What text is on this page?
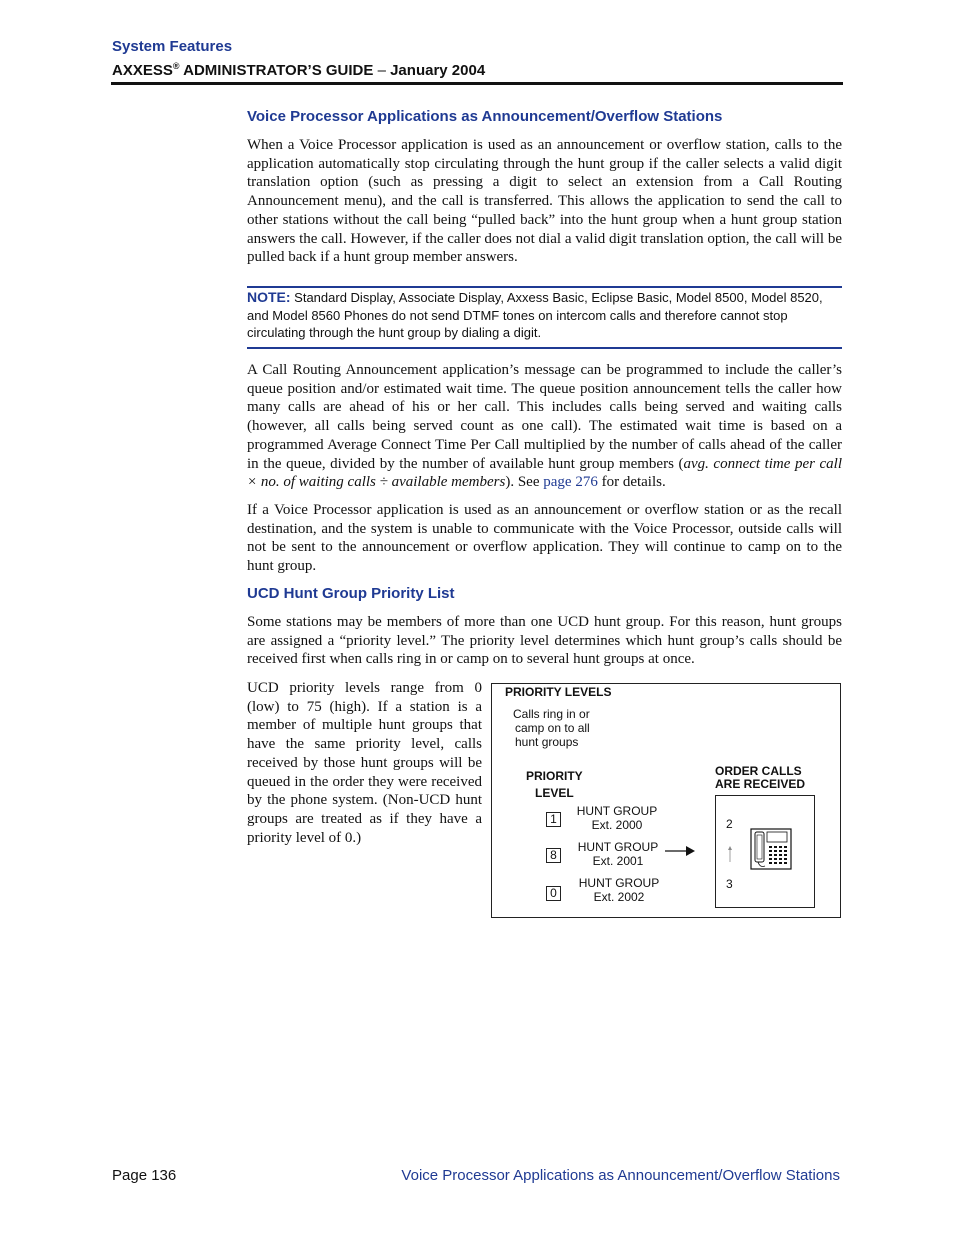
System Features
AXXESS® ADMINISTRATOR’S GUIDE – January 2004
Voice Processor Applications as Announcement/Overflow Stations
When a Voice Processor application is used as an announcement or overflow station, calls to the application automatically stop circulating through the hunt group if the caller selects a valid digit translation option (such as pressing a digit to select an extension from a Call Routing Announcement menu), and the call is transferred. This allows the application to send the call to other stations without the call being “pulled back” into the hunt group when a hunt group station answers the call. However, if the caller does not dial a valid digit translation option, the call will be pulled back if a hunt group member answers.
NOTE: Standard Display, Associate Display, Axxess Basic, Eclipse Basic, Model 8500, Model 8520, and Model 8560 Phones do not send DTMF tones on intercom calls and therefore cannot stop circulating through the hunt group by dialing a digit.
A Call Routing Announcement application’s message can be programmed to include the caller’s queue position and/or estimated wait time. The queue position announcement tells the caller how many calls are ahead of his or her call. This includes calls being served and waiting calls (however, all calls being served count as one call). The estimated wait time is based on a programmed Average Connect Time Per Call multiplied by the number of calls ahead of the caller in the queue, divided by the number of available hunt group members (avg. connect time per call × no. of waiting calls ÷ available members). See page 276 for details.
If a Voice Processor application is used as an announcement or overflow station or as the recall destination, and the system is unable to communicate with the Voice Processor, outside calls will not be sent to the announcement or overflow application. They will continue to camp on to the hunt group.
UCD Hunt Group Priority List
Some stations may be members of more than one UCD hunt group. For this reason, hunt groups are assigned a “priority level.” The priority level determines which hunt group’s calls should be received first when calls ring in or camp on to several hunt groups at once.
UCD priority levels range from 0 (low) to 75 (high). If a station is a member of multiple hunt groups that have the same priority level, calls received by those hunt groups will be queued in the order they were received by the phone system. (Non-UCD hunt groups are treated as if they have a priority level of 0.)
PRIORITY LEVELS
Calls ring in or
camp on to all
hunt groups
PRIORITY
LEVEL
ORDER CALLS
ARE RECEIVED
1
HUNT GROUP
Ext. 2000
8
HUNT GROUP
Ext. 2001
0
HUNT GROUP
Ext. 2002
2
3
Page 136	Voice Processor Applications as Announcement/Overflow Stations
